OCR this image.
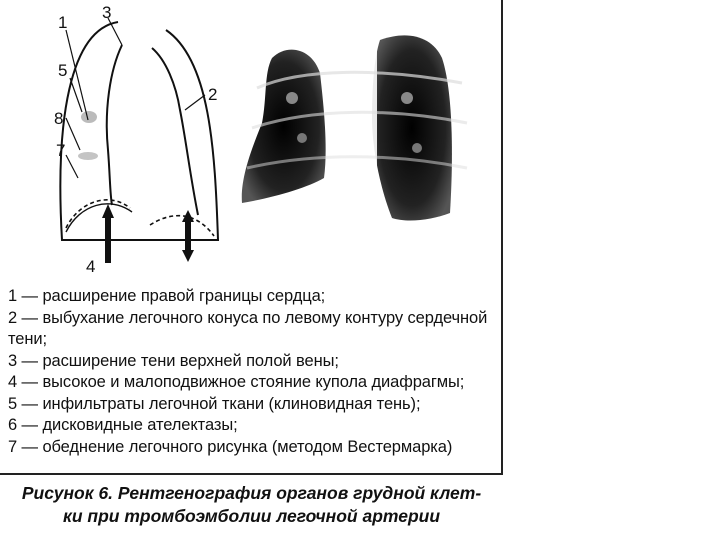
1
2
3
4
5
8
7

1 — расширение правой границы сердца;

2 — выбухание легочного конуса по левому контуру сердечной тени;

3 — расширение тени верхней полой вены;

4 — высокое и малоподвижное стояние купола диафрагмы;

5 — инфильтраты легочной ткани (клиновидная тень);

6 — дисковидные ателектазы;

7 — обеднение легочного рисунка (методом Вестермарка)

Рисунок 6. Рентгенография органов грудной клет-
ки при тромбоэмболии легочной артерии
